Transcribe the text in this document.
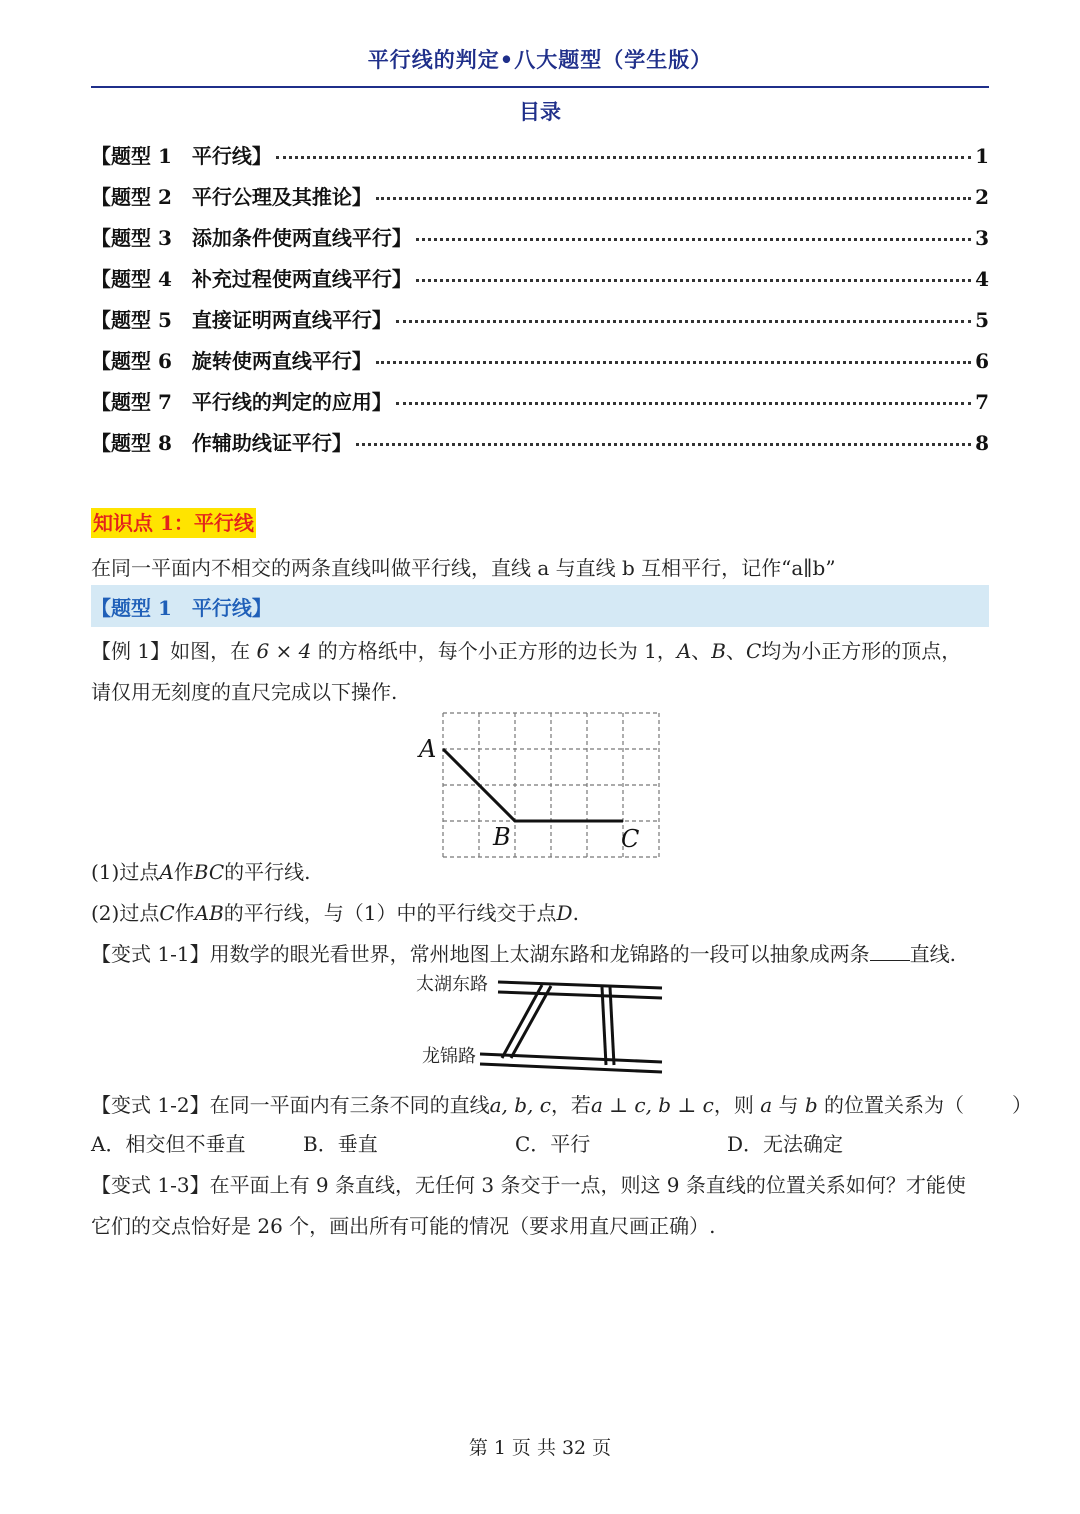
平行线的判定•八大题型（学生版）
目录
【题型 1　平行线】	1
【题型 2　平行公理及其推论】	2
【题型 3　添加条件使两直线平行】	3
【题型 4　补充过程使两直线平行】	4
【题型 5　直接证明两直线平行】	5
【题型 6　旋转使两直线平行】	6
【题型 7　平行线的判定的应用】	7
【题型 8　作辅助线证平行】	8
知识点 1：平行线
在同一平面内不相交的两条直线叫做平行线，直线 a 与直线 b 互相平行，记作“a∥b”
【题型 1　平行线】
【例 1】如图，在 6 × 4 的方格纸中，每个小正方形的边长为 1，A、B、C均为小正方形的顶点，
请仅用无刻度的直尺完成以下操作.
A
B	C
(1)过点A作BC的平行线.
(2)过点C作AB的平行线，与（1）中的平行线交于点D.
【变式 1-1】用数学的眼光看世界，常州地图上太湖东路和龙锦路的一段可以抽象成两条 直线.
太湖东路
龙锦路
【变式 1-2】在同一平面内有三条不同的直线a, b, c，若a ⊥ c, b ⊥ c，则 a 与 b 的位置关系为（ ）
A．相交但不垂直	B．垂直	C．平行	D．无法确定
【变式 1-3】在平面上有 9 条直线，无任何 3 条交于一点，则这 9 条直线的位置关系如何？才能使
它们的交点恰好是 26 个，画出所有可能的情况（要求用直尺画正确）.
第 1 页 共 32 页
